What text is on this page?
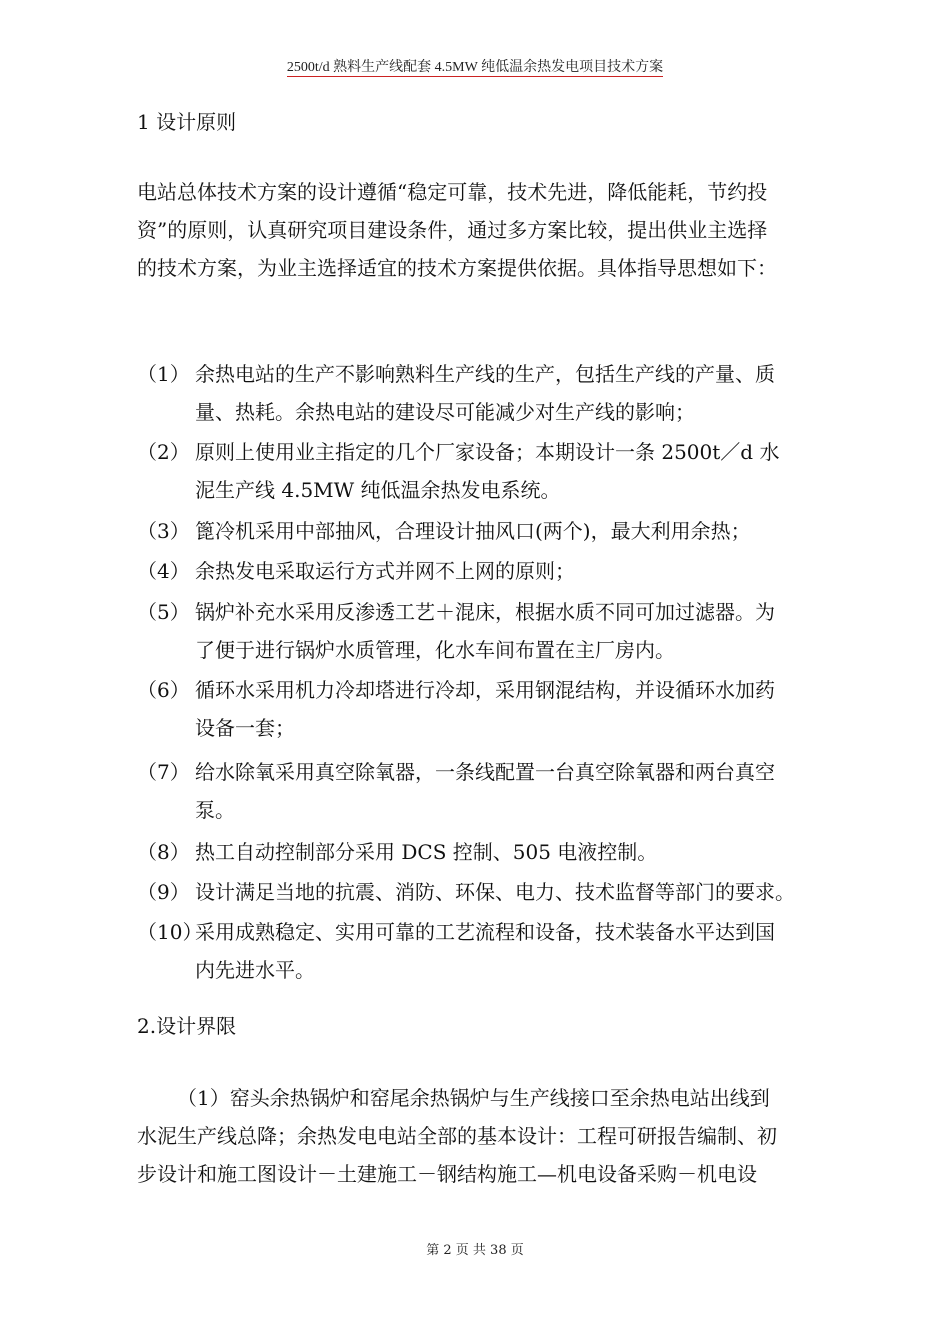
2500t/d 熟料生产线配套 4.5MW 纯低温余热发电项目技术方案
1 设计原则
电站总体技术方案的设计遵循“稳定可靠，技术先进，降低能耗，节约投
资”的原则，认真研究项目建设条件，通过多方案比较，提出供业主选择
的技术方案，为业主选择适宜的技术方案提供依据。具体指导思想如下：
（1） 余热电站的生产不影响熟料生产线的生产，包括生产线的产量、质
量、热耗。余热电站的建设尽可能减少对生产线的影响；
（2） 原则上使用业主指定的几个厂家设备；本期设计一条 2500t／d 水
泥生产线 4.5MW 纯低温余热发电系统。
（3） 篦冷机采用中部抽风，合理设计抽风口(两个)，最大利用余热；
（4） 余热发电采取运行方式并网不上网的原则；
（5） 锅炉补充水采用反渗透工艺＋混床，根据水质不同可加过滤器。为
了便于进行锅炉水质管理，化水车间布置在主厂房内。
（6） 循环水采用机力冷却塔进行冷却，采用钢混结构，并设循环水加药
设备一套；
（7） 给水除氧采用真空除氧器，一条线配置一台真空除氧器和两台真空
泵。
（8） 热工自动控制部分采用 DCS 控制、505 电液控制。
（9） 设计满足当地的抗震、消防、环保、电力、技术监督等部门的要求。
（10）
采用成熟稳定、实用可靠的工艺流程和设备，技术装备水平达到国
内先进水平。
2.设计界限
（1）窑头余热锅炉和窑尾余热锅炉与生产线接口至余热电站出线到
水泥生产线总降；余热发电电站全部的基本设计：工程可研报告编制、初
步设计和施工图设计－土建施工－钢结构施工—机电设备采购－机电设
第 2 页 共 38 页
